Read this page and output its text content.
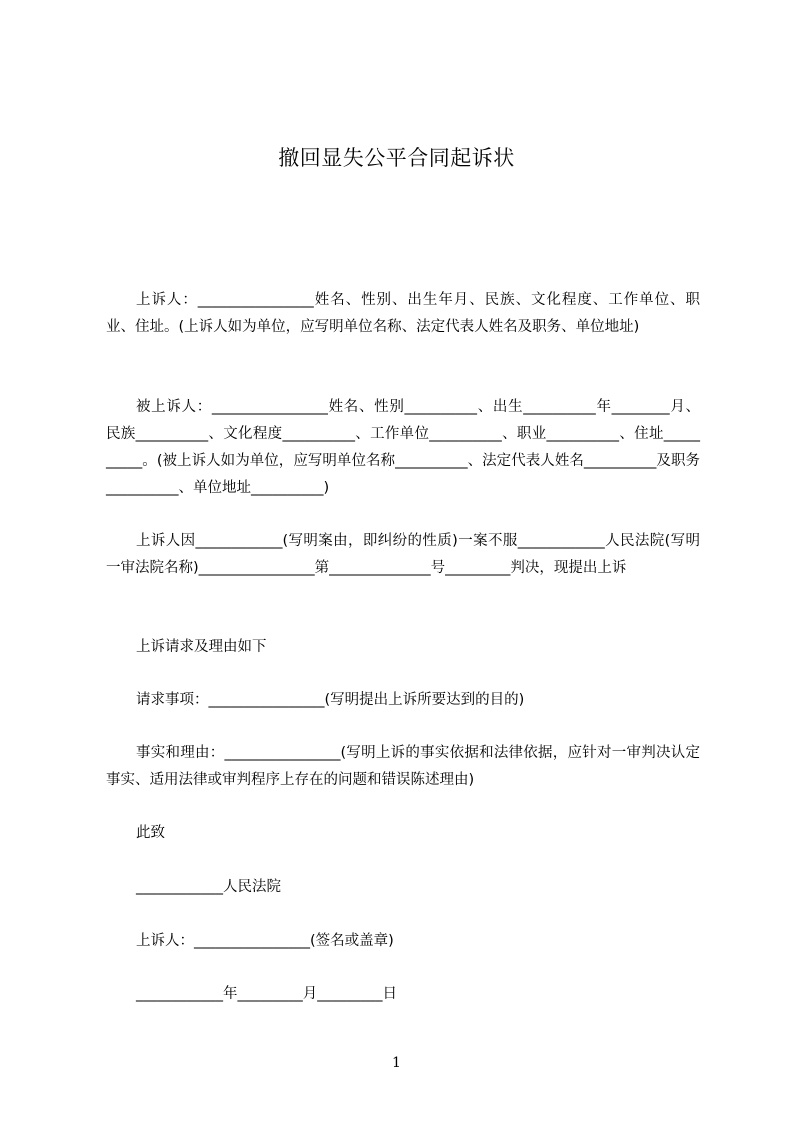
撤回显失公平合同起诉状

上诉人：________________姓名、性别、出生年月、民族、文化程度、工作单位、职业、住址。(上诉人如为单位，应写明单位名称、法定代表人姓名及职务、单位地址)

被上诉人：________________姓名、性别__________、出生__________年________月、民族__________、文化程度__________、工作单位__________、职业__________、住址__________。(被上诉人如为单位，应写明单位名称__________、法定代表人姓名__________及职务__________、单位地址__________)

上诉人因____________(写明案由，即纠纷的性质)一案不服____________人民法院(写明一审法院名称)________________第______________号_________判决，现提出上诉

上诉请求及理由如下

请求事项：________________(写明提出上诉所要达到的目的)

事实和理由：________________(写明上诉的事实依据和法律依据，应针对一审判决认定事实、适用法律或审判程序上存在的问题和错误陈述理由)

此致

____________人民法院

上诉人：________________(签名或盖章)

____________年_________月_________日

1
